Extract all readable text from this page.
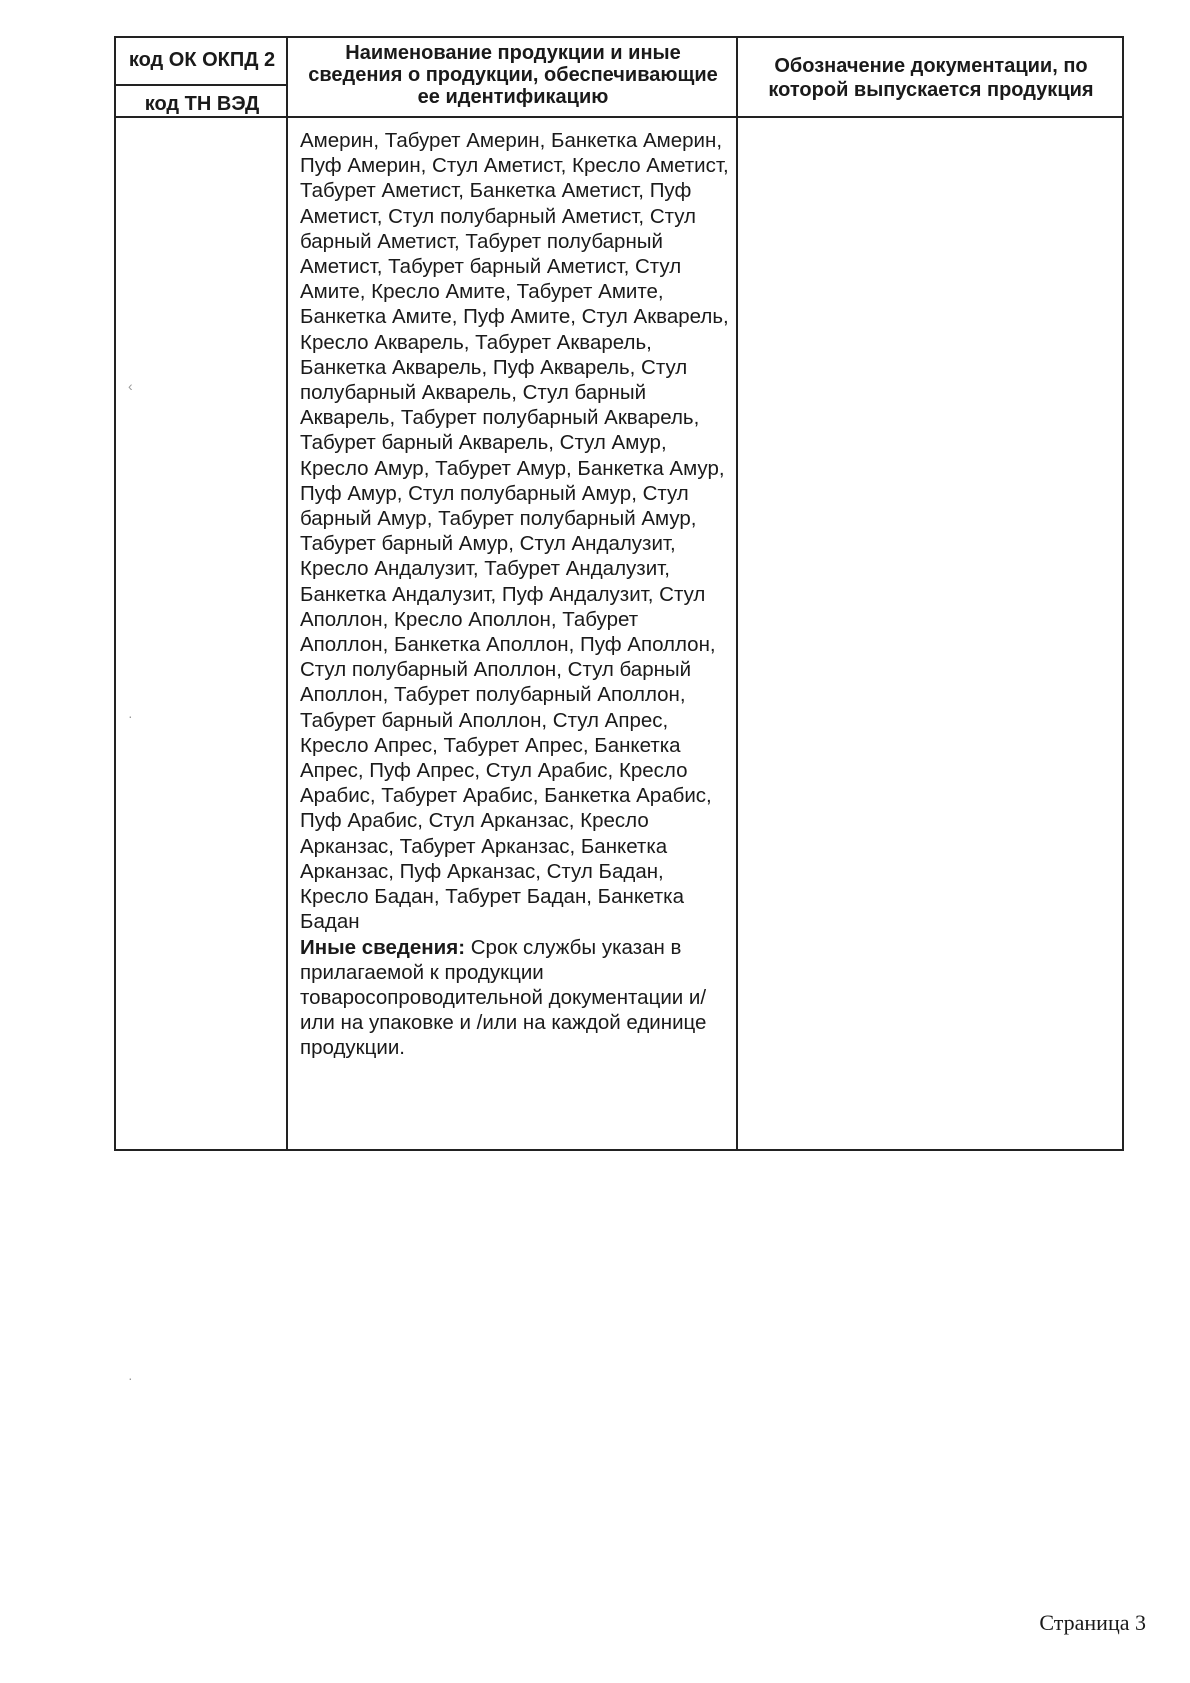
код ОК ОКПД 2
код ТН ВЭД
Наименование продукции и иные сведения о продукции, обеспечивающие ее идентификацию
Обозначение документации, по которой выпускается продукция

Америн, Табурет Америн, Банкетка Америн, Пуф Америн, Стул Аметист, Кресло Аметист, Табурет Аметист, Банкетка Аметист, Пуф Аметист, Стул полубарный Аметист, Стул барный Аметист, Табурет полубарный Аметист, Табурет барный Аметист, Стул Амите, Кресло Амите, Табурет Амите, Банкетка Амите, Пуф Амите, Стул Акварель, Кресло Акварель, Табурет Акварель, Банкетка Акварель, Пуф Акварель, Стул полубарный Акварель, Стул барный Акварель, Табурет полубарный Акварель, Табурет барный Акварель, Стул Амур, Кресло Амур, Табурет Амур, Банкетка Амур, Пуф Амур, Стул полубарный Амур, Стул барный Амур, Табурет полубарный Амур, Табурет барный Амур, Стул Андалузит, Кресло Андалузит, Табурет Андалузит, Банкетка Андалузит, Пуф Андалузит, Стул Аполлон, Кресло Аполлон, Табурет Аполлон, Банкетка Аполлон, Пуф Аполлон, Стул полубарный Аполлон, Стул барный Аполлон, Табурет полубарный Аполлон, Табурет барный Аполлон, Стул Апрес, Кресло Апрес, Табурет Апрес, Банкетка Апрес, Пуф Апрес, Стул Арабис, Кресло Арабис, Табурет Арабис, Банкетка Арабис, Пуф Арабис, Стул Арканзас, Кресло Арканзас, Табурет Арканзас, Банкетка Арканзас, Пуф Арканзас, Стул Бадан, Кресло Бадан, Табурет Бадан, Банкетка Бадан

Иные сведения: Срок службы указан в прилагаемой к продукции товаросопроводительной документации и/или на упаковке и /или на каждой единице продукции.

‹
·
·
Страница 3
